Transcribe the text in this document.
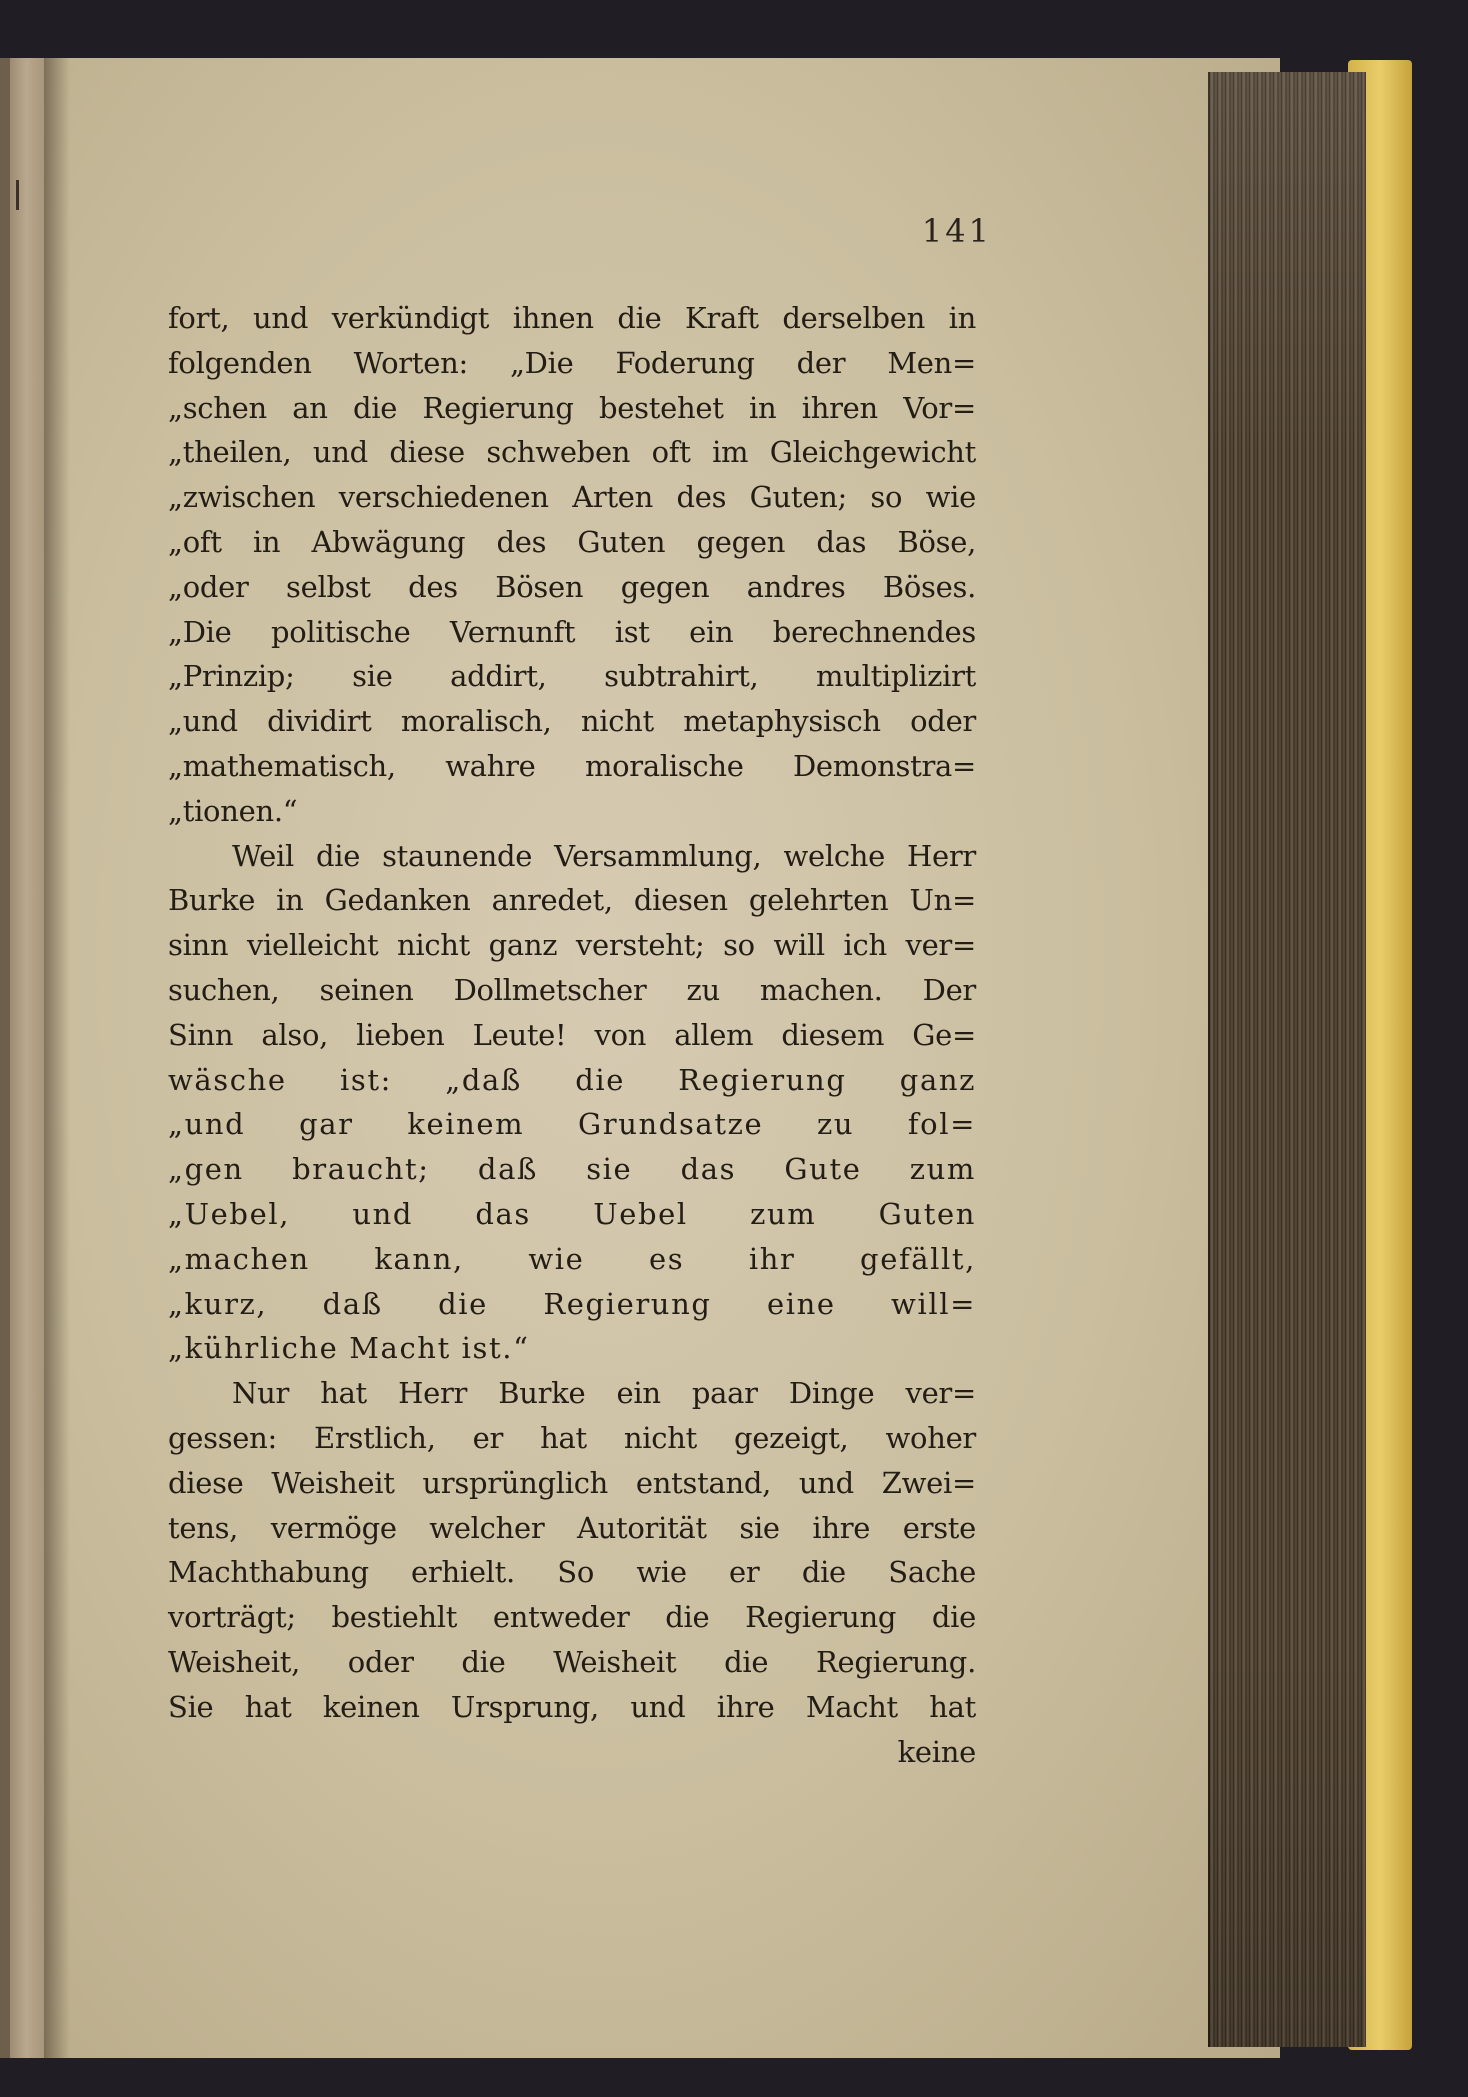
141
fort, und verkündigt ihnen die Kraft derselben in
folgenden Worten: „Die Foderung der Men=
„schen an die Regierung bestehet in ihren Vor=
„theilen, und diese schweben oft im Gleichgewicht
„zwischen verschiedenen Arten des Guten; so wie
„oft in Abwägung des Guten gegen das Böse,
„oder selbst des Bösen gegen andres Böses.
„Die politische Vernunft ist ein berechnendes
„Prinzip; sie addirt, subtrahirt, multiplizirt
„und dividirt moralisch, nicht metaphysisch oder
„mathematisch, wahre moralische Demonstra=
„tionen.“
Weil die staunende Versammlung, welche Herr
Burke in Gedanken anredet, diesen gelehrten Un=
sinn vielleicht nicht ganz versteht; so will ich ver=
suchen, seinen Dollmetscher zu machen. Der
Sinn also, lieben Leute! von allem diesem Ge=
wäsche ist: „daß die Regierung ganz
„und gar keinem Grundsatze zu fol=
„gen braucht; daß sie das Gute zum
„Uebel, und das Uebel zum Guten
„machen kann, wie es ihr gefällt,
„kurz, daß die Regierung eine will=
„kührliche Macht ist.“
Nur hat Herr Burke ein paar Dinge ver=
gessen: Erstlich, er hat nicht gezeigt, woher
diese Weisheit ursprünglich entstand, und Zwei=
tens, vermöge welcher Autorität sie ihre erste
Machthabung erhielt. So wie er die Sache
vorträgt; bestiehlt entweder die Regierung die
Weisheit, oder die Weisheit die Regierung.
Sie hat keinen Ursprung, und ihre Macht hat
keine
